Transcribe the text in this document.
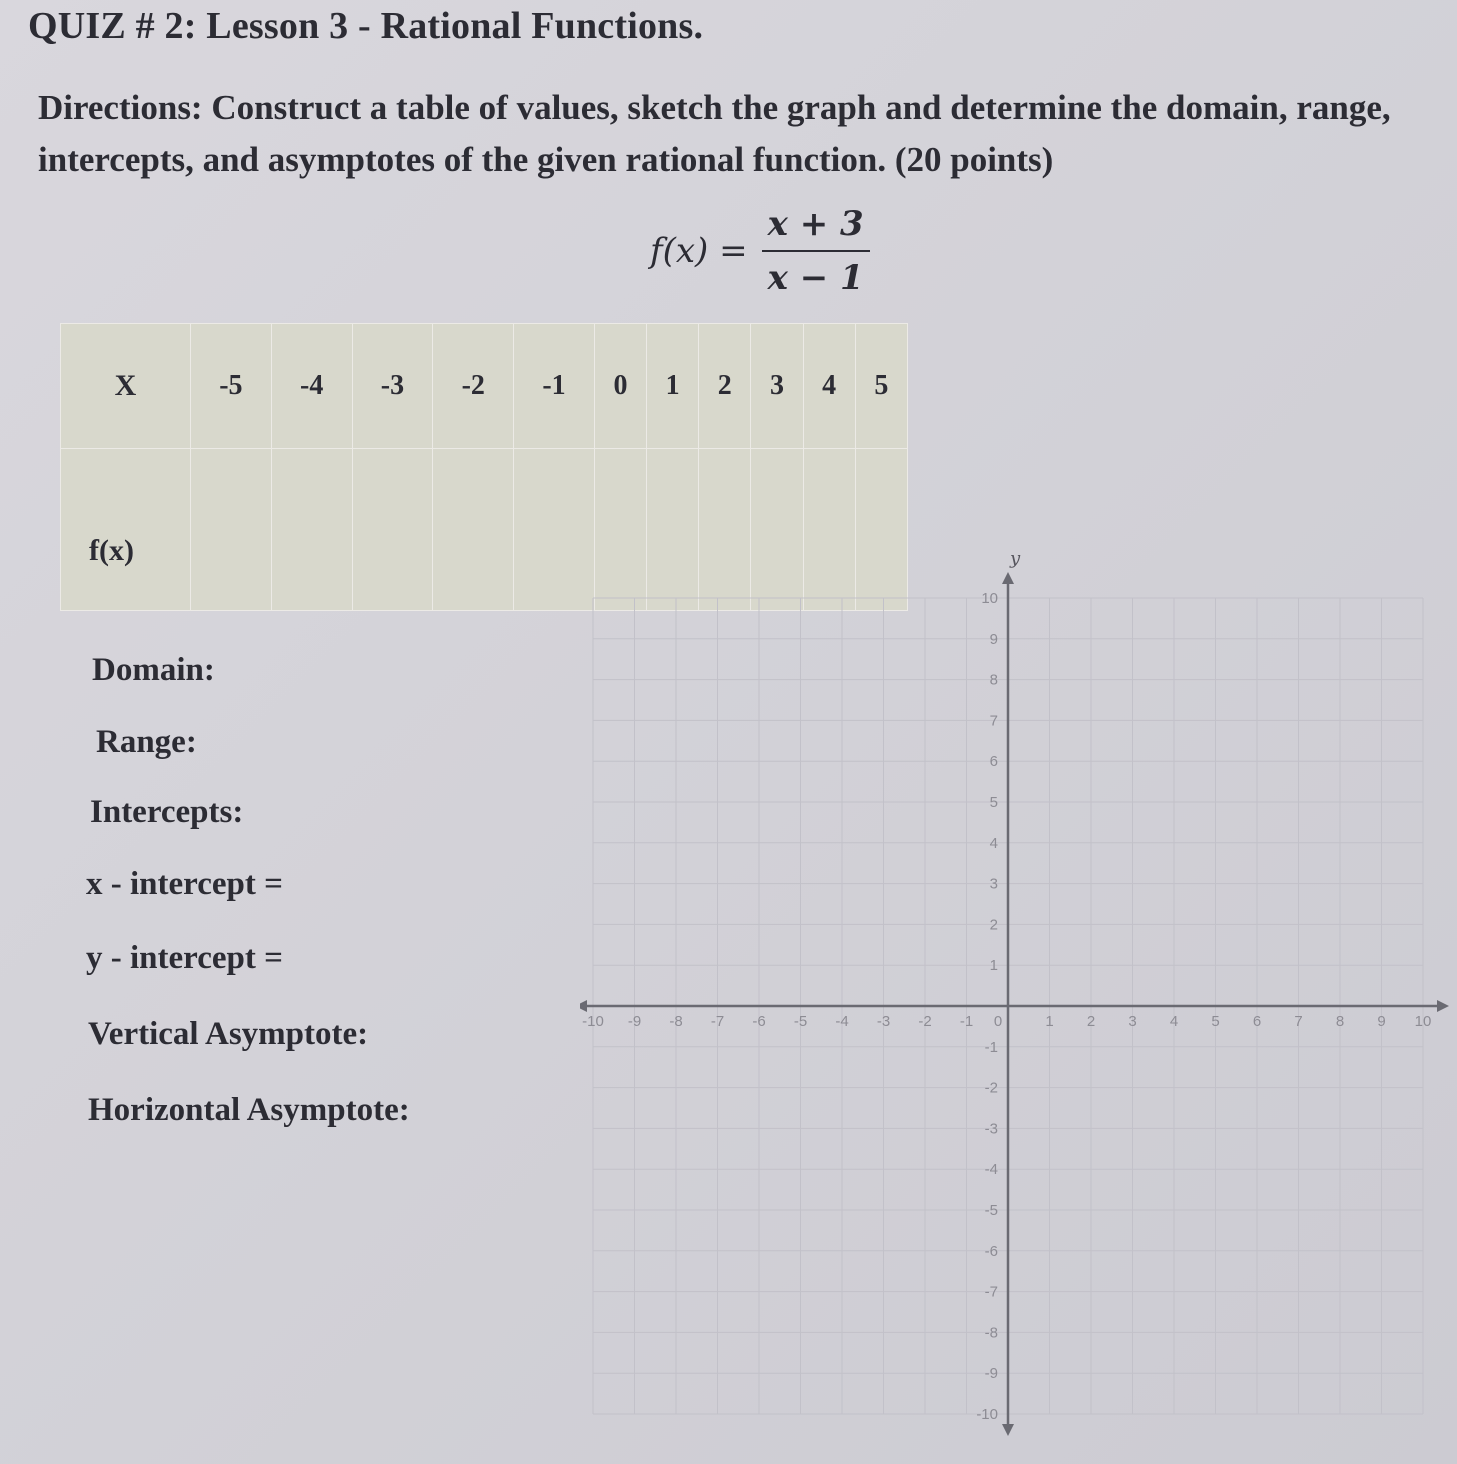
QUIZ # 2: Lesson 3 - Rational Functions.
Directions: Construct a table of values, sketch the graph and determine the domain, range, intercepts, and asymptotes of the given rational function. (20 points)
$f(x) = \frac{x + 3}{x - 1}$
X	-5	-4	-3	-2	-1	0	1	2	3	4	5
f(x)											
Domain:
Range:
Intercepts:
x - intercept =
y - intercept =
Vertical Asymptote:
Horizontal Asymptote:
-10 -9 -8 -7 -6 -5 -4 -3 -2 -1 0	1 2 3 4 5 6 7 8 9 10
-10
-9
-8
-7
-6
-5
-4
-3
-2
-1
1
2
3
4
5
6
7
8
9
10
y
